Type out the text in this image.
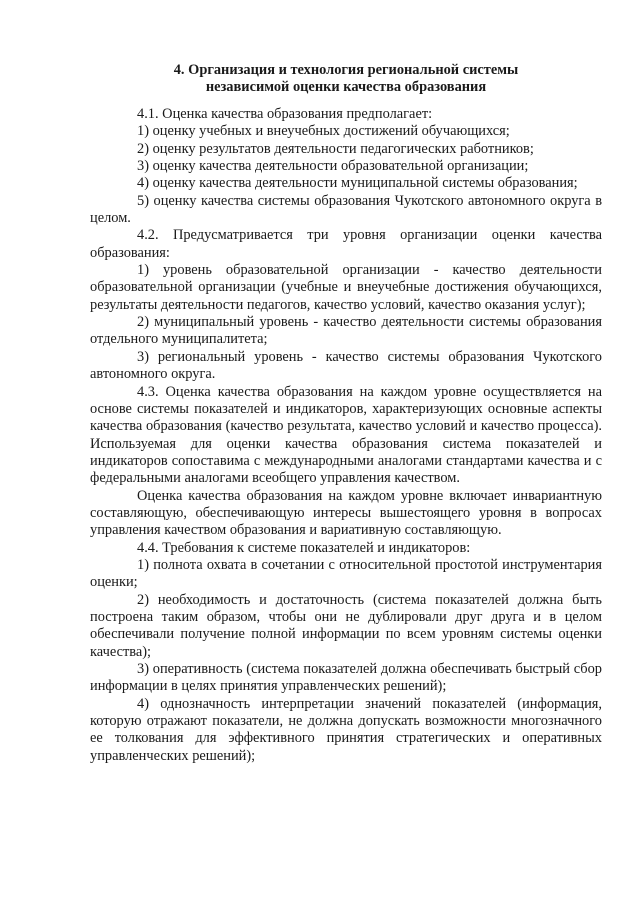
4. Организация и технология региональной системы
независимой оценки качества образования

4.1. Оценка качества образования предполагает:

1) оценку учебных и внеучебных достижений обучающихся;

2) оценку результатов деятельности педагогических работников;

3) оценку качества деятельности образовательной организации;

4) оценку качества деятельности муниципальной системы образования;

5) оценку качества системы образования Чукотского автономного округа в целом.

4.2. Предусматривается три уровня организации оценки качества образования:

1) уровень образовательной организации - качество деятельности образовательной организации (учебные и внеучебные достижения обучающихся, результаты деятельности педагогов, качество условий, качество оказания услуг);

2) муниципальный уровень - качество деятельности системы образования отдельного муниципалитета;

3) региональный уровень - качество системы образования Чукотского автономного округа.

4.3. Оценка качества образования на каждом уровне осуществляется на основе системы показателей и индикаторов, характеризующих основные аспекты качества образования (качество результата, качество условий и качество процесса). Используемая для оценки качества образования система показателей и индикаторов сопоставима с международными аналогами стандартами качества и с федеральными аналогами всеобщего управления качеством.

Оценка качества образования на каждом уровне включает инвариантную составляющую, обеспечивающую интересы вышестоящего уровня в вопросах управления качеством образования и вариативную составляющую.

4.4. Требования к системе показателей и индикаторов:

1) полнота охвата в сочетании с относительной простотой инструментария оценки;

2) необходимость и достаточность (система показателей должна быть построена таким образом, чтобы они не дублировали друг друга и в целом обеспечивали получение полной информации по всем уровням системы оценки качества);

3) оперативность (система показателей должна обеспечивать быстрый сбор информации в целях принятия управленческих решений);

4) однозначность интерпретации значений показателей (информация, которую отражают показатели, не должна допускать возможности многозначного ее толкования для эффективного принятия стратегических и оперативных управленческих решений);
